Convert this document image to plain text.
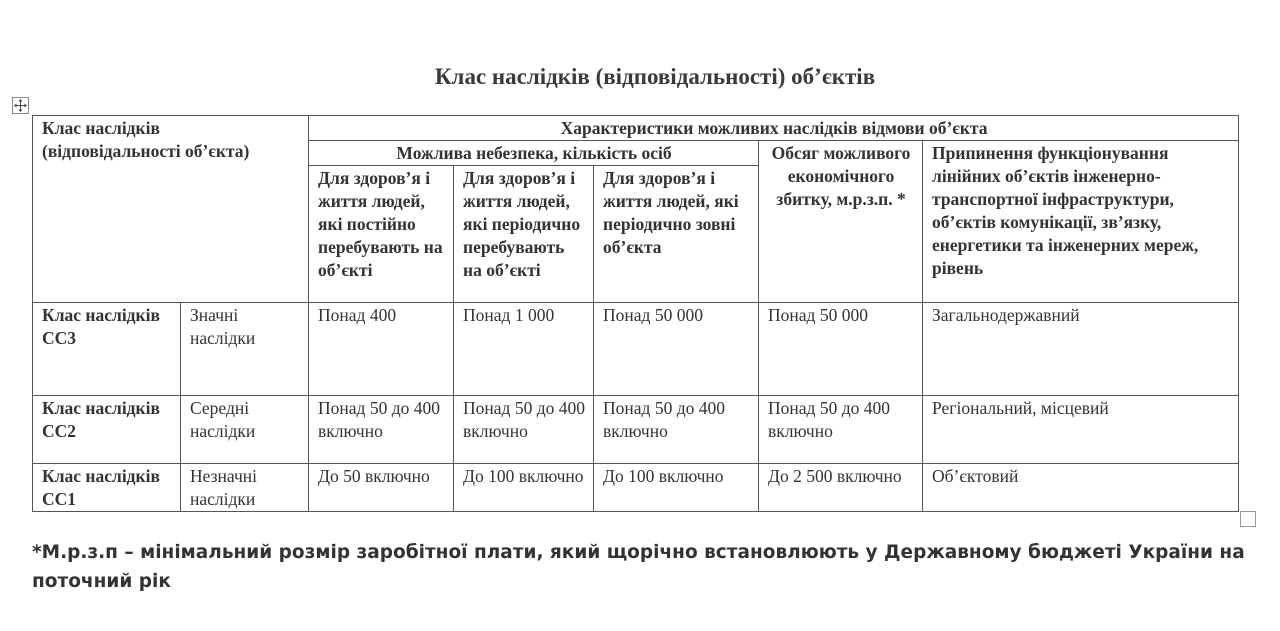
Клас наслідків (відповідальності) об’єктів
Клас наслідків (відповідальності об’єкта)		Характеристики можливих наслідків відмови об’єкта				
		Можлива небезпека, кількість осіб			Обсяг можливого економічного збитку, м.р.з.п. *	Припинення функціонування лінійних об’єктів інженерно-транспортної інфраструктури, об’єктів комунікації, зв’язку, енергетики та інженерних мереж, рівень
		Для здоров’я і життя людей, які постійно перебувають на об’єкті	Для здоров’я і життя людей, які періодично перебувають на об’єкті	Для здоров’я і життя людей, які періодично зовні об’єкта		
Клас наслідків СС3	Значні наслідки	Понад 400	Понад 1 000	Понад 50 000	Понад 50 000	Загальнодержавний
Клас наслідків СС2	Середні наслідки	Понад 50 до 400 включно	Понад 50 до 400 включно	Понад 50 до 400 включно	Понад 50 до 400 включно	Регіональний, місцевий
Клас наслідків СС1	Незначні наслідки	До 50 включно	До 100 включно	До 100 включно	До 2 500 включно	Об’єктовий
*М.р.з.п – мінімальний розмір заробітної плати, який щорічно встановлюють у Державному бюджеті України на поточний рік
